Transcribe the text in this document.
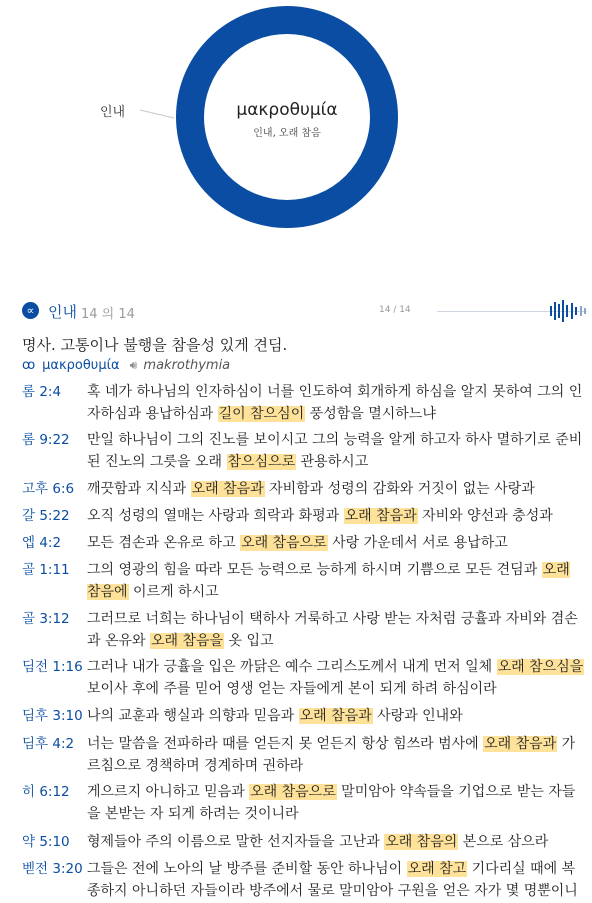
μακροθυμία
인내, 오래 참음
인내
∝ 인내 14 의 14	14 / 14
명사. 고통이나 불행을 참을성 있게 견딤.
ꝏ μακροθυμία 🔊︎ makrothymia
롬 2:4 혹 네가 하나님의 인자하심이 너를 인도하여 회개하게 하심을 알지 못하여 그의 인자하심과 용납하심과 길이 참으심이 풍성함을 멸시하느냐
롬 9:22 만일 하나님이 그의 진노를 보이시고 그의 능력을 알게 하고자 하사 멸하기로 준비된 진노의 그릇을 오래 참으심으로 관용하시고
고후 6:6 깨끗함과 지식과 오래 참음과 자비함과 성령의 감화와 거짓이 없는 사랑과
갈 5:22 오직 성령의 열매는 사랑과 희락과 화평과 오래 참음과 자비와 양선과 충성과
엡 4:2 모든 겸손과 온유로 하고 오래 참음으로 사랑 가운데서 서로 용납하고
골 1:11 그의 영광의 힘을 따라 모든 능력으로 능하게 하시며 기쁨으로 모든 견딤과 오래 참음에 이르게 하시고
골 3:12 그러므로 너희는 하나님이 택하사 거룩하고 사랑 받는 자처럼 긍휼과 자비와 겸손과 온유와 오래 참음을 옷 입고
딤전 1:16 그러나 내가 긍휼을 입은 까닭은 예수 그리스도께서 내게 먼저 일체 오래 참으심을 보이사 후에 주를 믿어 영생 얻는 자들에게 본이 되게 하려 하심이라
딤후 3:10 나의 교훈과 행실과 의향과 믿음과 오래 참음과 사랑과 인내와
딤후 4:2 너는 말씀을 전파하라 때를 얻든지 못 얻든지 항상 힘쓰라 범사에 오래 참음과 가르침으로 경책하며 경계하며 권하라
히 6:12 게으르지 아니하고 믿음과 오래 참음으로 말미암아 약속들을 기업으로 받는 자들을 본받는 자 되게 하려는 것이니라
약 5:10 형제들아 주의 이름으로 말한 선지자들을 고난과 오래 참음의 본으로 삼으라
벧전 3:20 그들은 전에 노아의 날 방주를 준비할 동안 하나님이 오래 참고 기다리실 때에 복종하지 아니하던 자들이라 방주에서 물로 말미암아 구원을 얻은 자가 몇 명뿐이니
